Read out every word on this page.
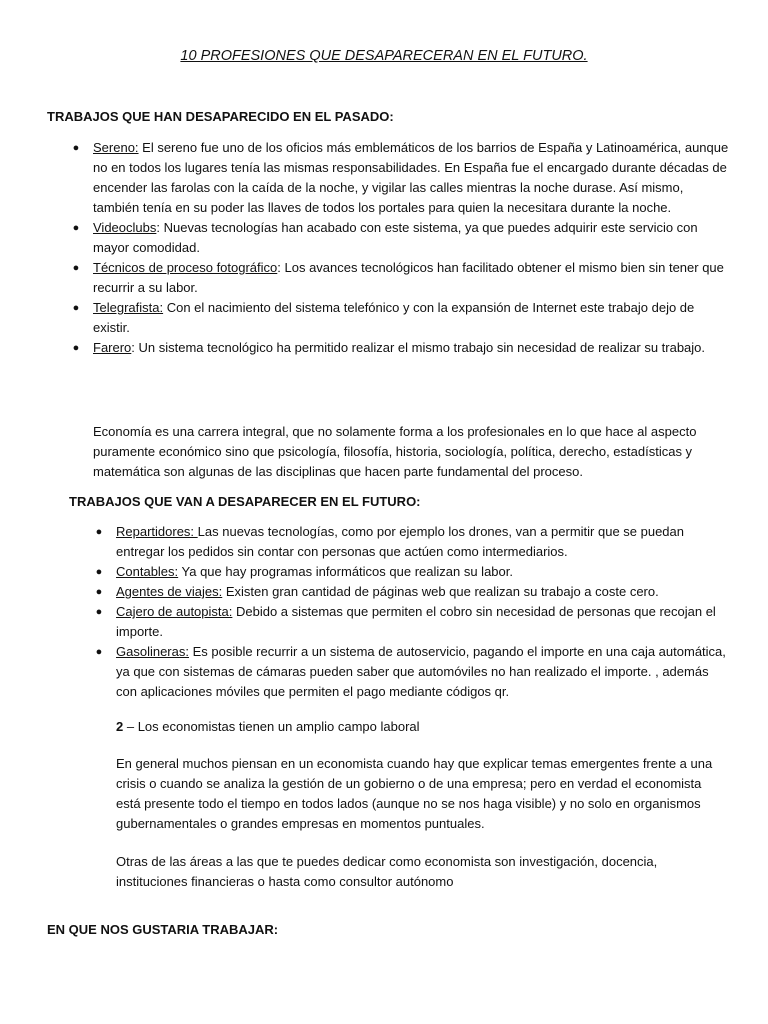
10 PROFESIONES QUE DESAPARECERAN EN EL FUTURO.
TRABAJOS QUE HAN DESAPARECIDO EN EL PASADO:
● Sereno: El sereno fue uno de los oficios más emblemáticos de los barrios de España y Latinoamérica, aunque no en todos los lugares tenía las mismas responsabilidades. En España fue el encargado durante décadas de encender las farolas con la caída de la noche, y vigilar las calles mientras la noche durase. Así mismo, también tenía en su poder las llaves de todos los portales para quien la necesitara durante la noche.
● Videoclubs: Nuevas tecnologías han acabado con este sistema, ya que puedes adquirir este servicio con mayor comodidad.
● Técnicos de proceso fotográfico: Los avances tecnológicos han facilitado obtener el mismo bien sin tener que recurrir a su labor.
● Telegrafista: Con el nacimiento del sistema telefónico y con la expansión de Internet este trabajo dejo de existir.
● Farero: Un sistema tecnológico ha permitido realizar el mismo trabajo sin necesidad de realizar su trabajo.

Economía es una carrera integral, que no solamente forma a los profesionales en lo que hace al aspecto puramente económico sino que psicología, filosofía, historia, sociología, política, derecho, estadísticas y matemática son algunas de las disciplinas que hacen parte fundamental del proceso.

TRABAJOS QUE VAN A DESAPARECER EN EL FUTURO:
● Repartidores: Las nuevas tecnologías, como por ejemplo los drones, van a permitir que se puedan entregar los pedidos sin contar con personas que actúen como intermediarios.
● Contables: Ya que hay programas informáticos que realizan su labor.
● Agentes de viajes: Existen gran cantidad de páginas web que realizan su trabajo a coste cero.
● Cajero de autopista: Debido a sistemas que permiten el cobro sin necesidad de personas que recojan el importe.
● Gasolineras: Es posible recurrir a un sistema de autoservicio, pagando el importe en una caja automática, ya que con sistemas de cámaras pueden saber que automóviles no han realizado el importe. , además con aplicaciones móviles que permiten el pago mediante códigos qr.

2 – Los economistas tienen un amplio campo laboral

En general muchos piensan en un economista cuando hay que explicar temas emergentes frente a una crisis o cuando se analiza la gestión de un gobierno o de una empresa; pero en verdad el economista está presente todo el tiempo en todos lados (aunque no se nos haga visible) y no solo en organismos gubernamentales o grandes empresas en momentos puntuales.

Otras de las áreas a las que te puedes dedicar como economista son investigación, docencia, instituciones financieras o hasta como consultor autónomo

EN QUE NOS GUSTARIA TRABAJAR:
